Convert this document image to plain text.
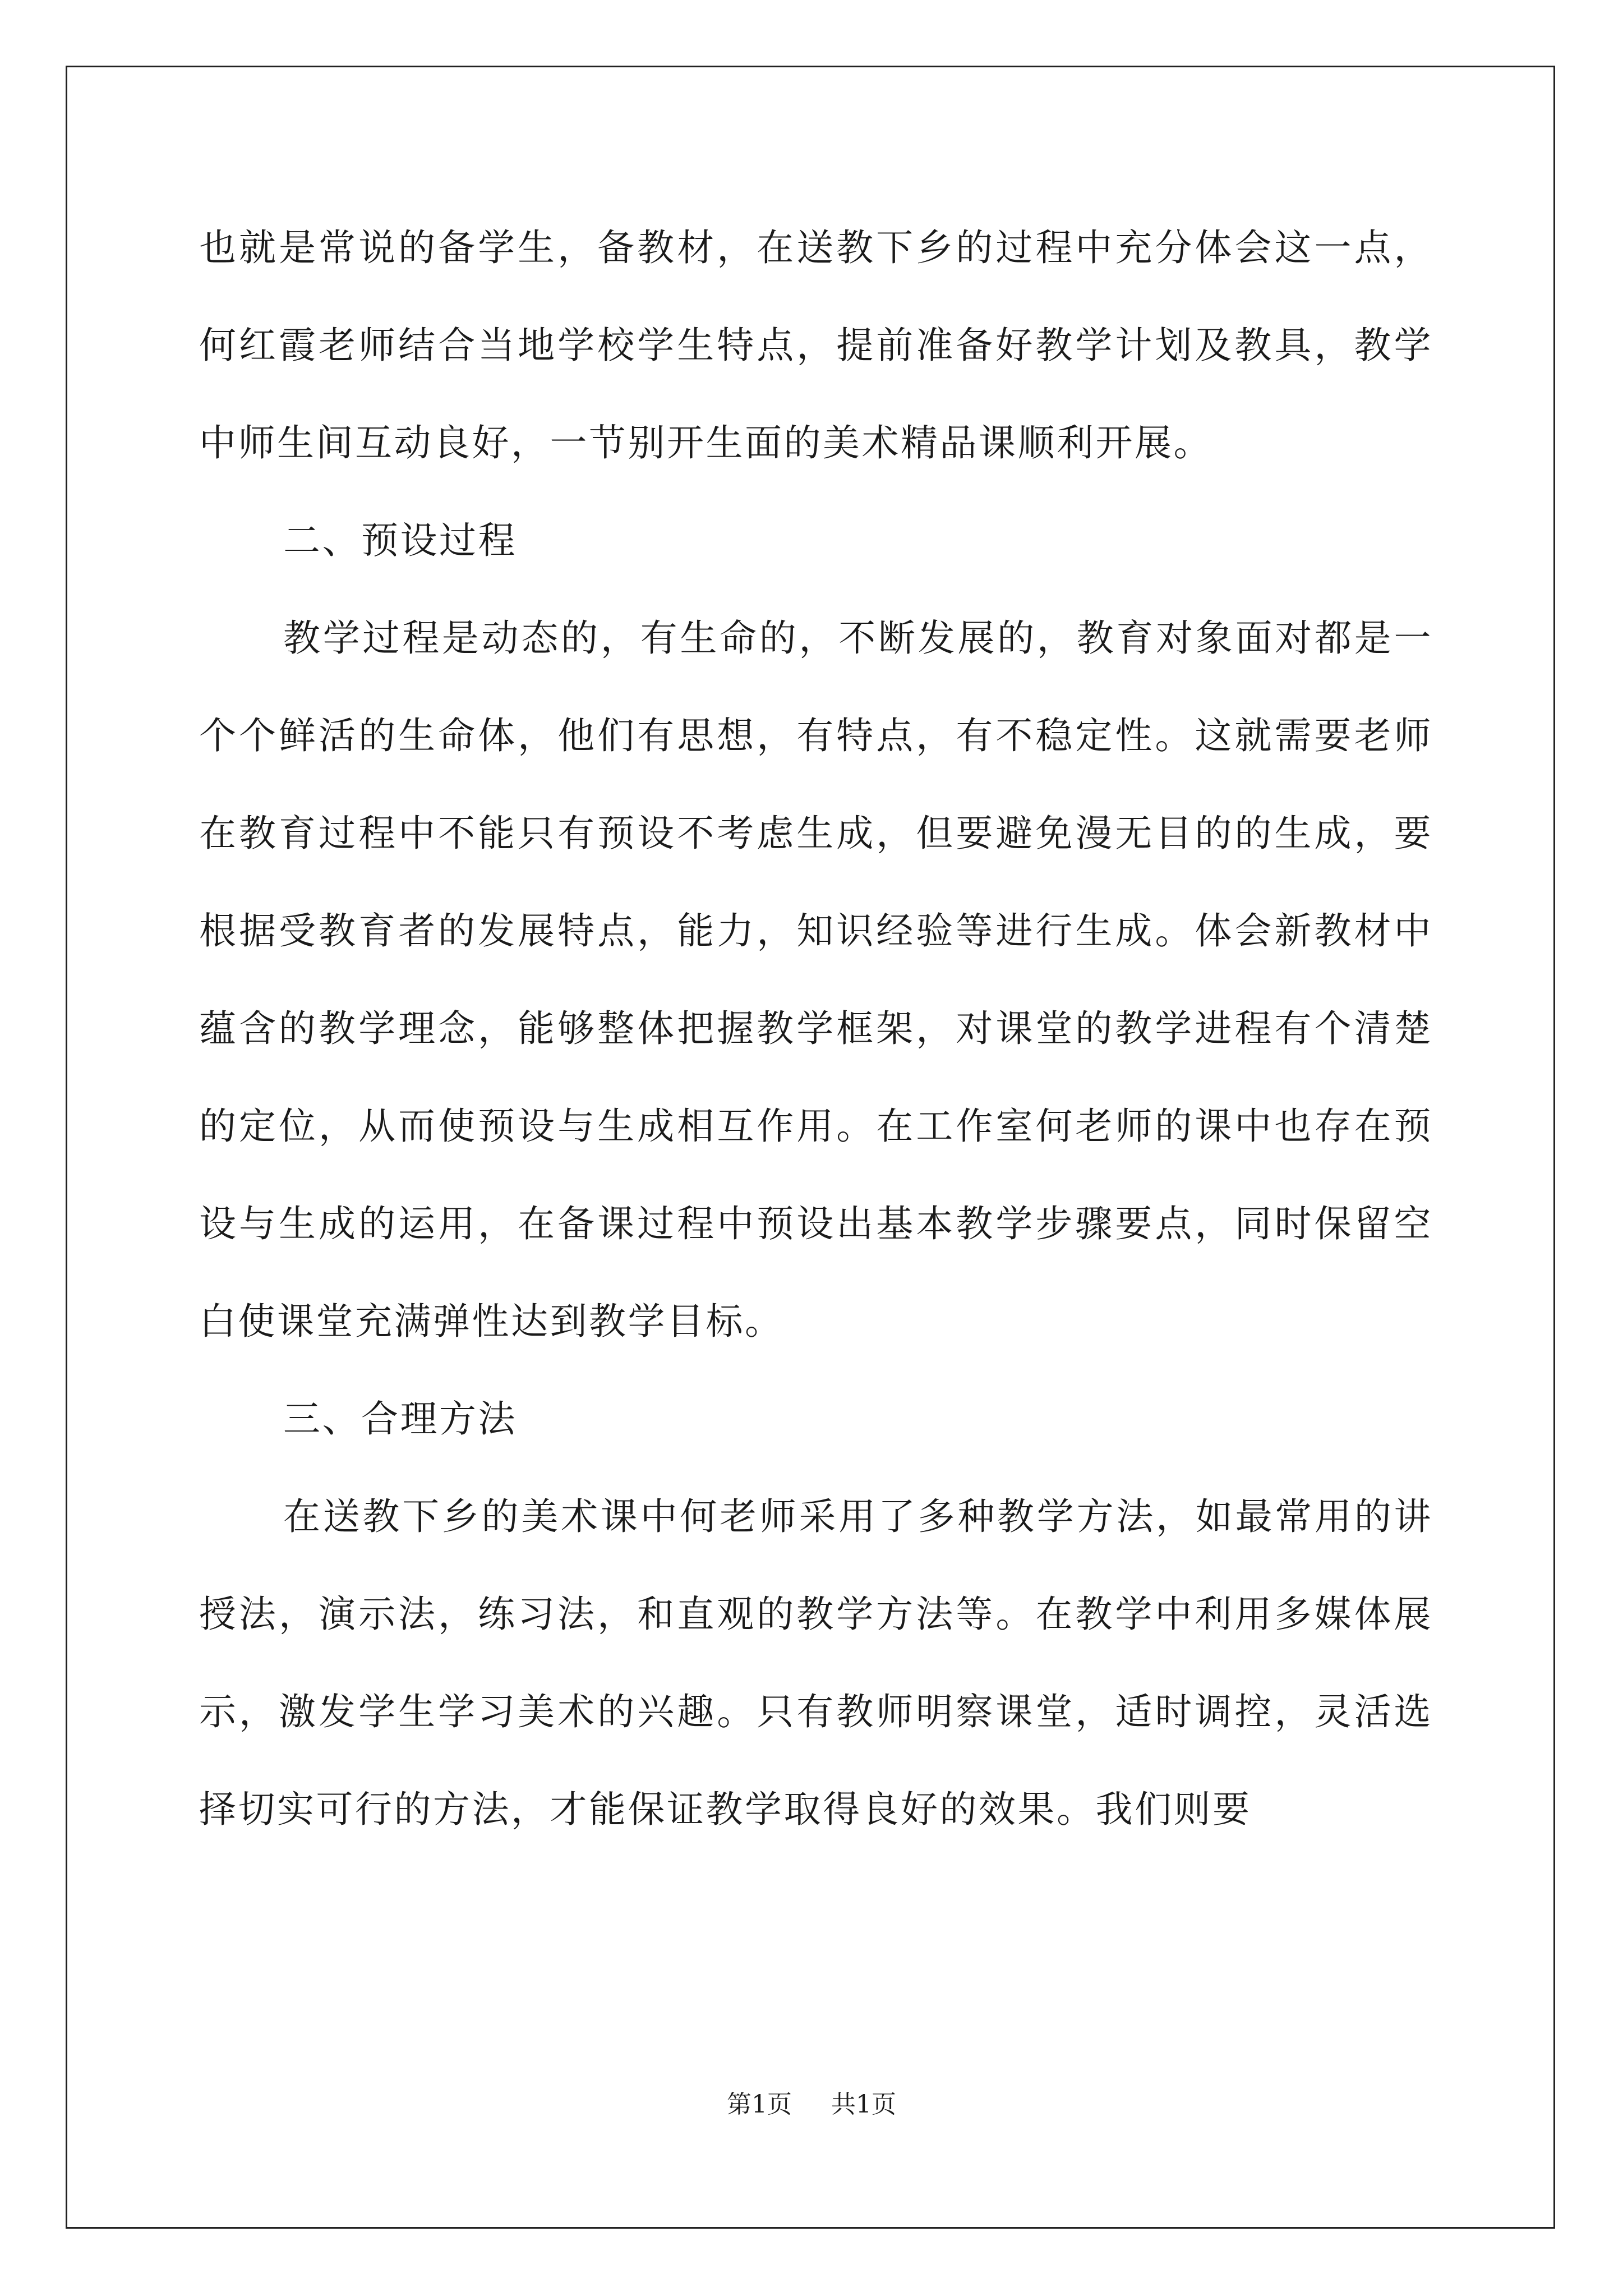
也就是常说的备学生，备教材，在送教下乡的过程中充分体会这一点，何红霞老师结合当地学校学生特点，提前准备好教学计划及教具，教学中师生间互动良好，一节别开生面的美术精品课顺利开展。

二、预设过程

教学过程是动态的，有生命的，不断发展的，教育对象面对都是一个个鲜活的生命体，他们有思想，有特点，有不稳定性。这就需要老师在教育过程中不能只有预设不考虑生成，但要避免漫无目的的生成，要根据受教育者的发展特点，能力，知识经验等进行生成。体会新教材中蕴含的教学理念，能够整体把握教学框架，对课堂的教学进程有个清楚的定位，从而使预设与生成相互作用。在工作室何老师的课中也存在预设与生成的运用，在备课过程中预设出基本教学步骤要点，同时保留空白使课堂充满弹性达到教学目标。

三、合理方法

在送教下乡的美术课中何老师采用了多种教学方法，如最常用的讲授法，演示法，练习法，和直观的教学方法等。在教学中利用多媒体展示，激发学生学习美术的兴趣。只有教师明察课堂，适时调控，灵活选择切实可行的方法，才能保证教学取得良好的效果。我们则要

第1页 共1页
